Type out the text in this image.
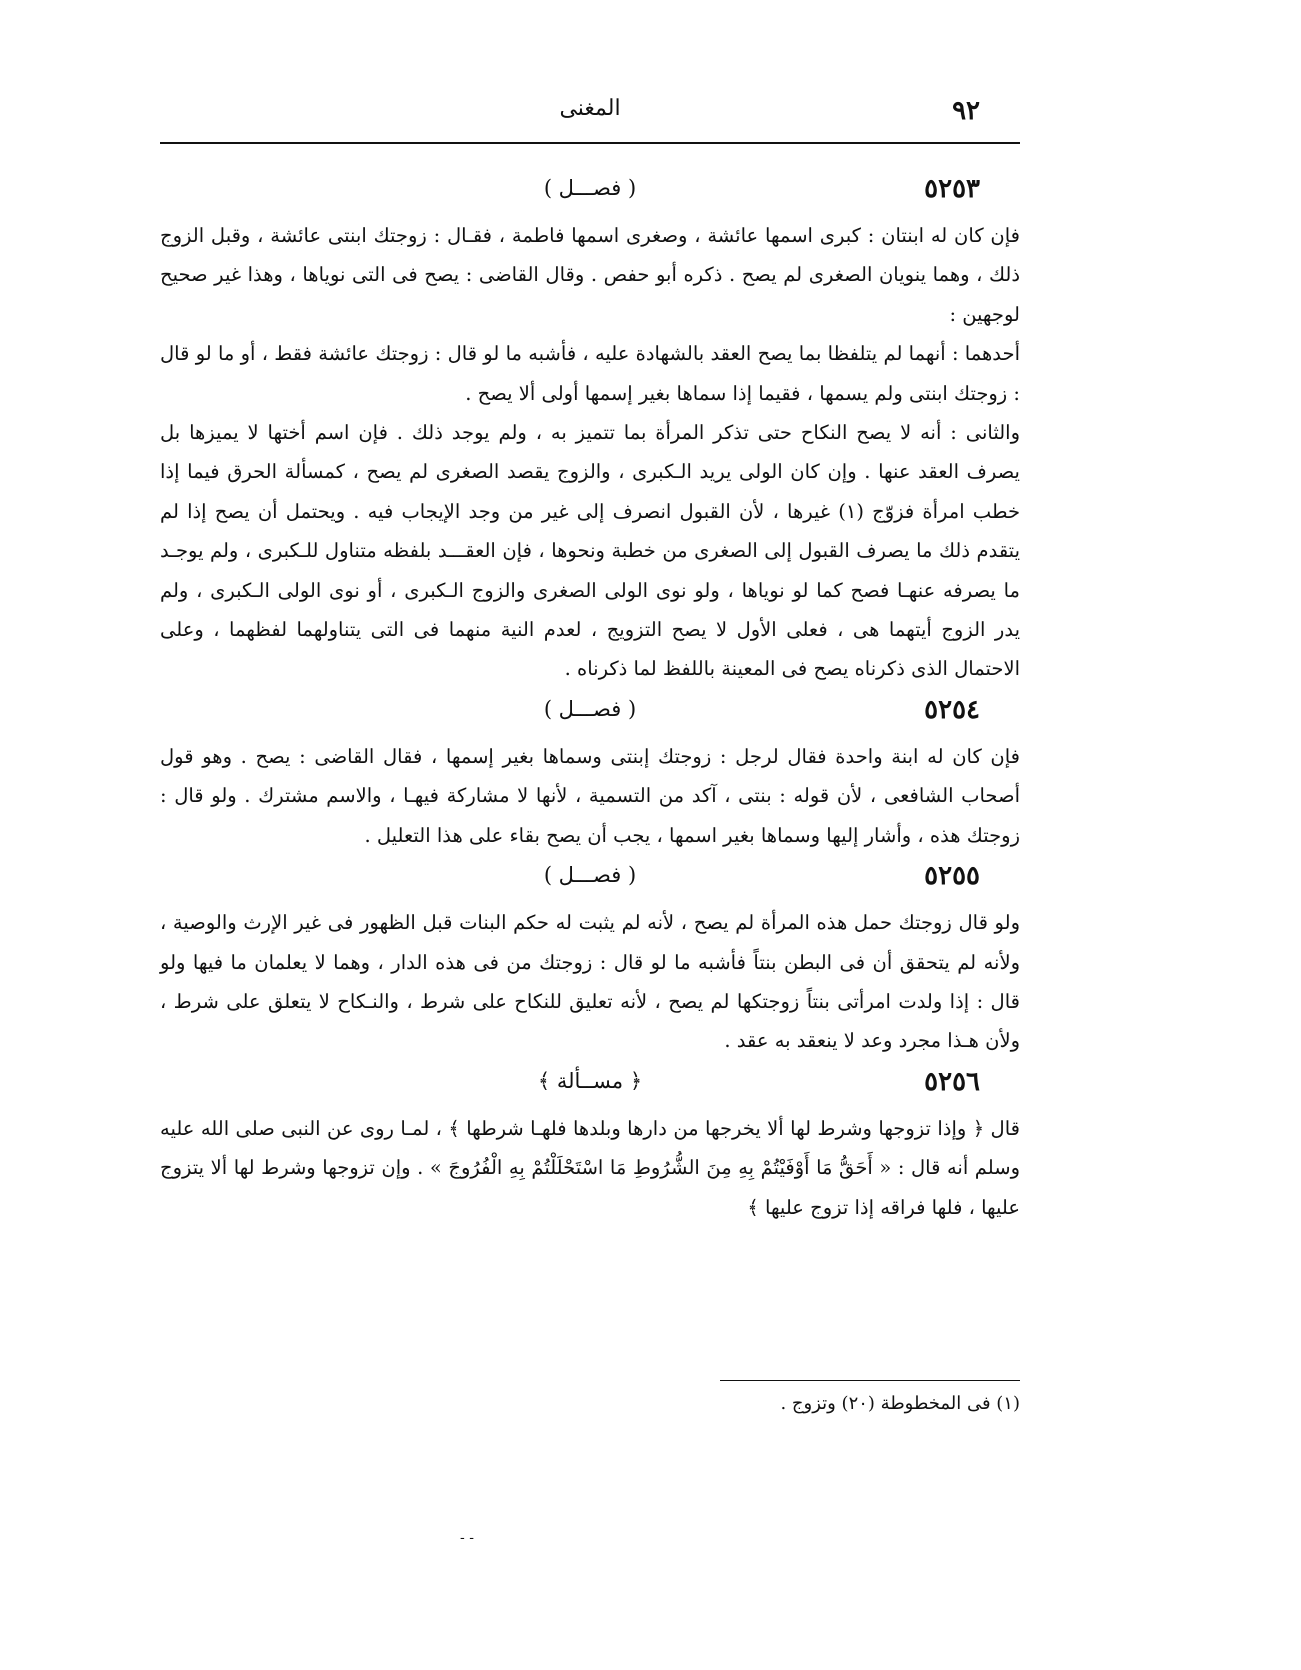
٩٢
المغنى
٥٢٥٣
( فصـــل )

فإن كان له ابنتان : كبرى اسمها عائشة ، وصغرى اسمها فاطمة ، فقـال : زوجتك ابنتى عائشة ، وقبل الزوج ذلك ، وهما ينويان الصغرى لم يصح . ذكره أبو حفص . وقال القاضى : يصح فى التى نوياها ، وهذا غير صحيح لوجهين :

أحدهما : أنهما لم يتلفظا بما يصح العقد بالشهادة عليه ، فأشبه ما لو قال : زوجتك عائشة فقط ، أو ما لو قال : زوجتك ابنتى ولم يسمها ، فقيما إذا سماها بغير إسمها أولى ألا يصح .

والثانى : أنه لا يصح النكاح حتى تذكر المرأة بما تتميز به ، ولم يوجد ذلك . فإن اسم أختها لا يميزها بل يصرف العقد عنها . وإن كان الولى يريد الـكبرى ، والزوج يقصد الصغرى لم يصح ، كمسألة الحرق فيما إذا خطب امرأة فزوّج (١) غيرها ، لأن القبول انصرف إلى غير من وجد الإيجاب فيه . ويحتمل أن يصح إذا لم يتقدم ذلك ما يصرف القبول إلى الصغرى من خطبة ونحوها ، فإن العقـــد بلفظه متناول للـكبرى ، ولم يوجـد ما يصرفه عنهـا فصح كما لو نوياها ، ولو نوى الولى الصغرى والزوج الـكبرى ، أو نوى الولى الـكبرى ، ولم يدر الزوج أيتهما هى ، فعلى الأول لا يصح التزويج ، لعدم النية منهما فى التى يتناولهما لفظهما ، وعلى الاحتمال الذى ذكرناه يصح فى المعينة باللفظ لما ذكرناه .

٥٢٥٤
( فصـــل )

فإن كان له ابنة واحدة فقال لرجل : زوجتك إبنتى وسماها بغير إسمها ، فقال القاضى : يصح . وهو قول أصحاب الشافعى ، لأن قوله : بنتى ، آكد من التسمية ، لأنها لا مشاركة فيهـا ، والاسم مشترك . ولو قال : زوجتك هذه ، وأشار إليها وسماها بغير اسمها ، يجب أن يصح بقاء على هذا التعليل .

٥٢٥٥
( فصـــل )

ولو قال زوجتك حمل هذه المرأة لم يصح ، لأنه لم يثبت له حكم البنات قبل الظهور فى غير الإرث والوصية ، ولأنه لم يتحقق أن فى البطن بنتاً فأشبه ما لو قال : زوجتك من فى هذه الدار ، وهما لا يعلمان ما فيها ولو قال : إذا ولدت امرأتى بنتاً زوجتكها لم يصح ، لأنه تعليق للنكاح على شرط ، والنـكاح لا يتعلق على شرط ، ولأن هـذا مجرد وعد لا ينعقد به عقد .

٥٢٥٦
﴿ مســألة ﴾

قال ﴿ وإذا تزوجها وشرط لها ألا يخرجها من دارها وبلدها فلهـا شرطها ﴾ ، لمـا روى عن النبى صلى الله عليه وسلم أنه قال : « أَحَقُّ مَا أَوْفَيْتُمْ بِهِ مِنَ الشُّرُوطِ مَا اسْتَحْلَلْتُمْ بِهِ الْفُرُوجَ » . وإن تزوجها وشرط لها ألا يتزوج عليها ، فلها فراقه إذا تزوج عليها ﴾

(١) فى المخطوطة (٢٠) وتزوج .
- -
